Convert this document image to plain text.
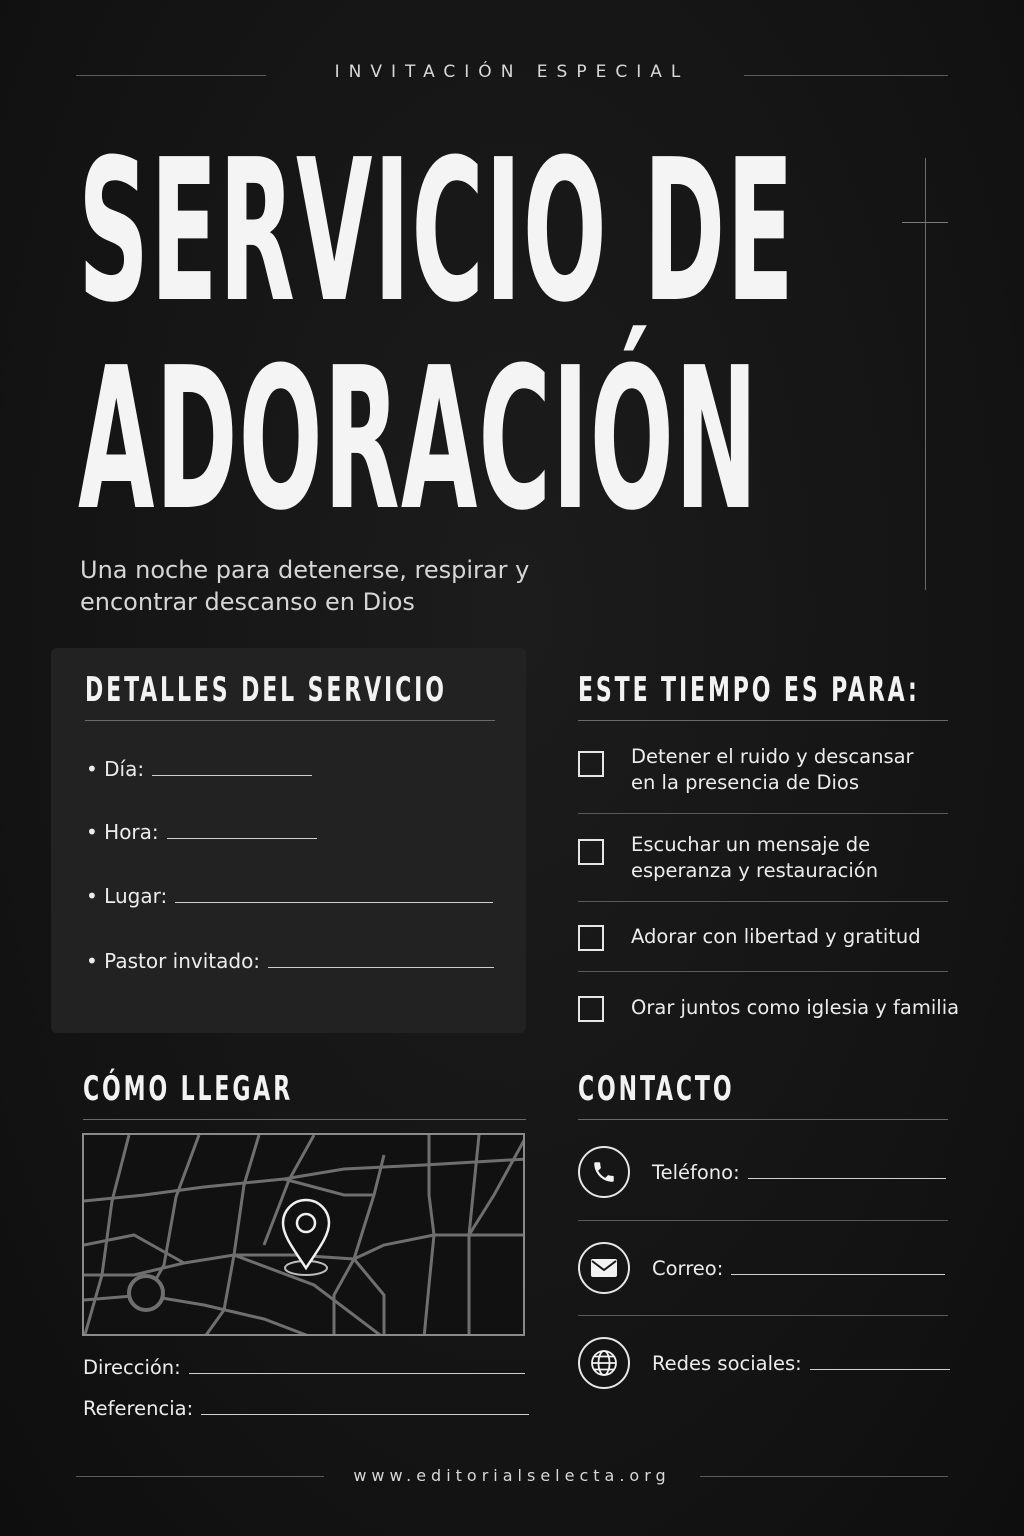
INVITACIÓN ESPECIAL
SERVICIO DE
ADORACIÓN
Una noche para detenerse, respirar y encontrar descanso en Dios
DETALLES DEL SERVICIO
• Día:
• Hora:
• Lugar:
• Pastor invitado:
ESTE TIEMPO ES PARA:
Detener el ruido y descansar
en la presencia de Dios
Escuchar un mensaje de
esperanza y restauración
Adorar con libertad y gratitud
Orar juntos como iglesia y familia
CÓMO LLEGAR
Dirección:
Referencia:
CONTACTO
Teléfono:
Correo:
Redes sociales:
www.editorialselecta.org
